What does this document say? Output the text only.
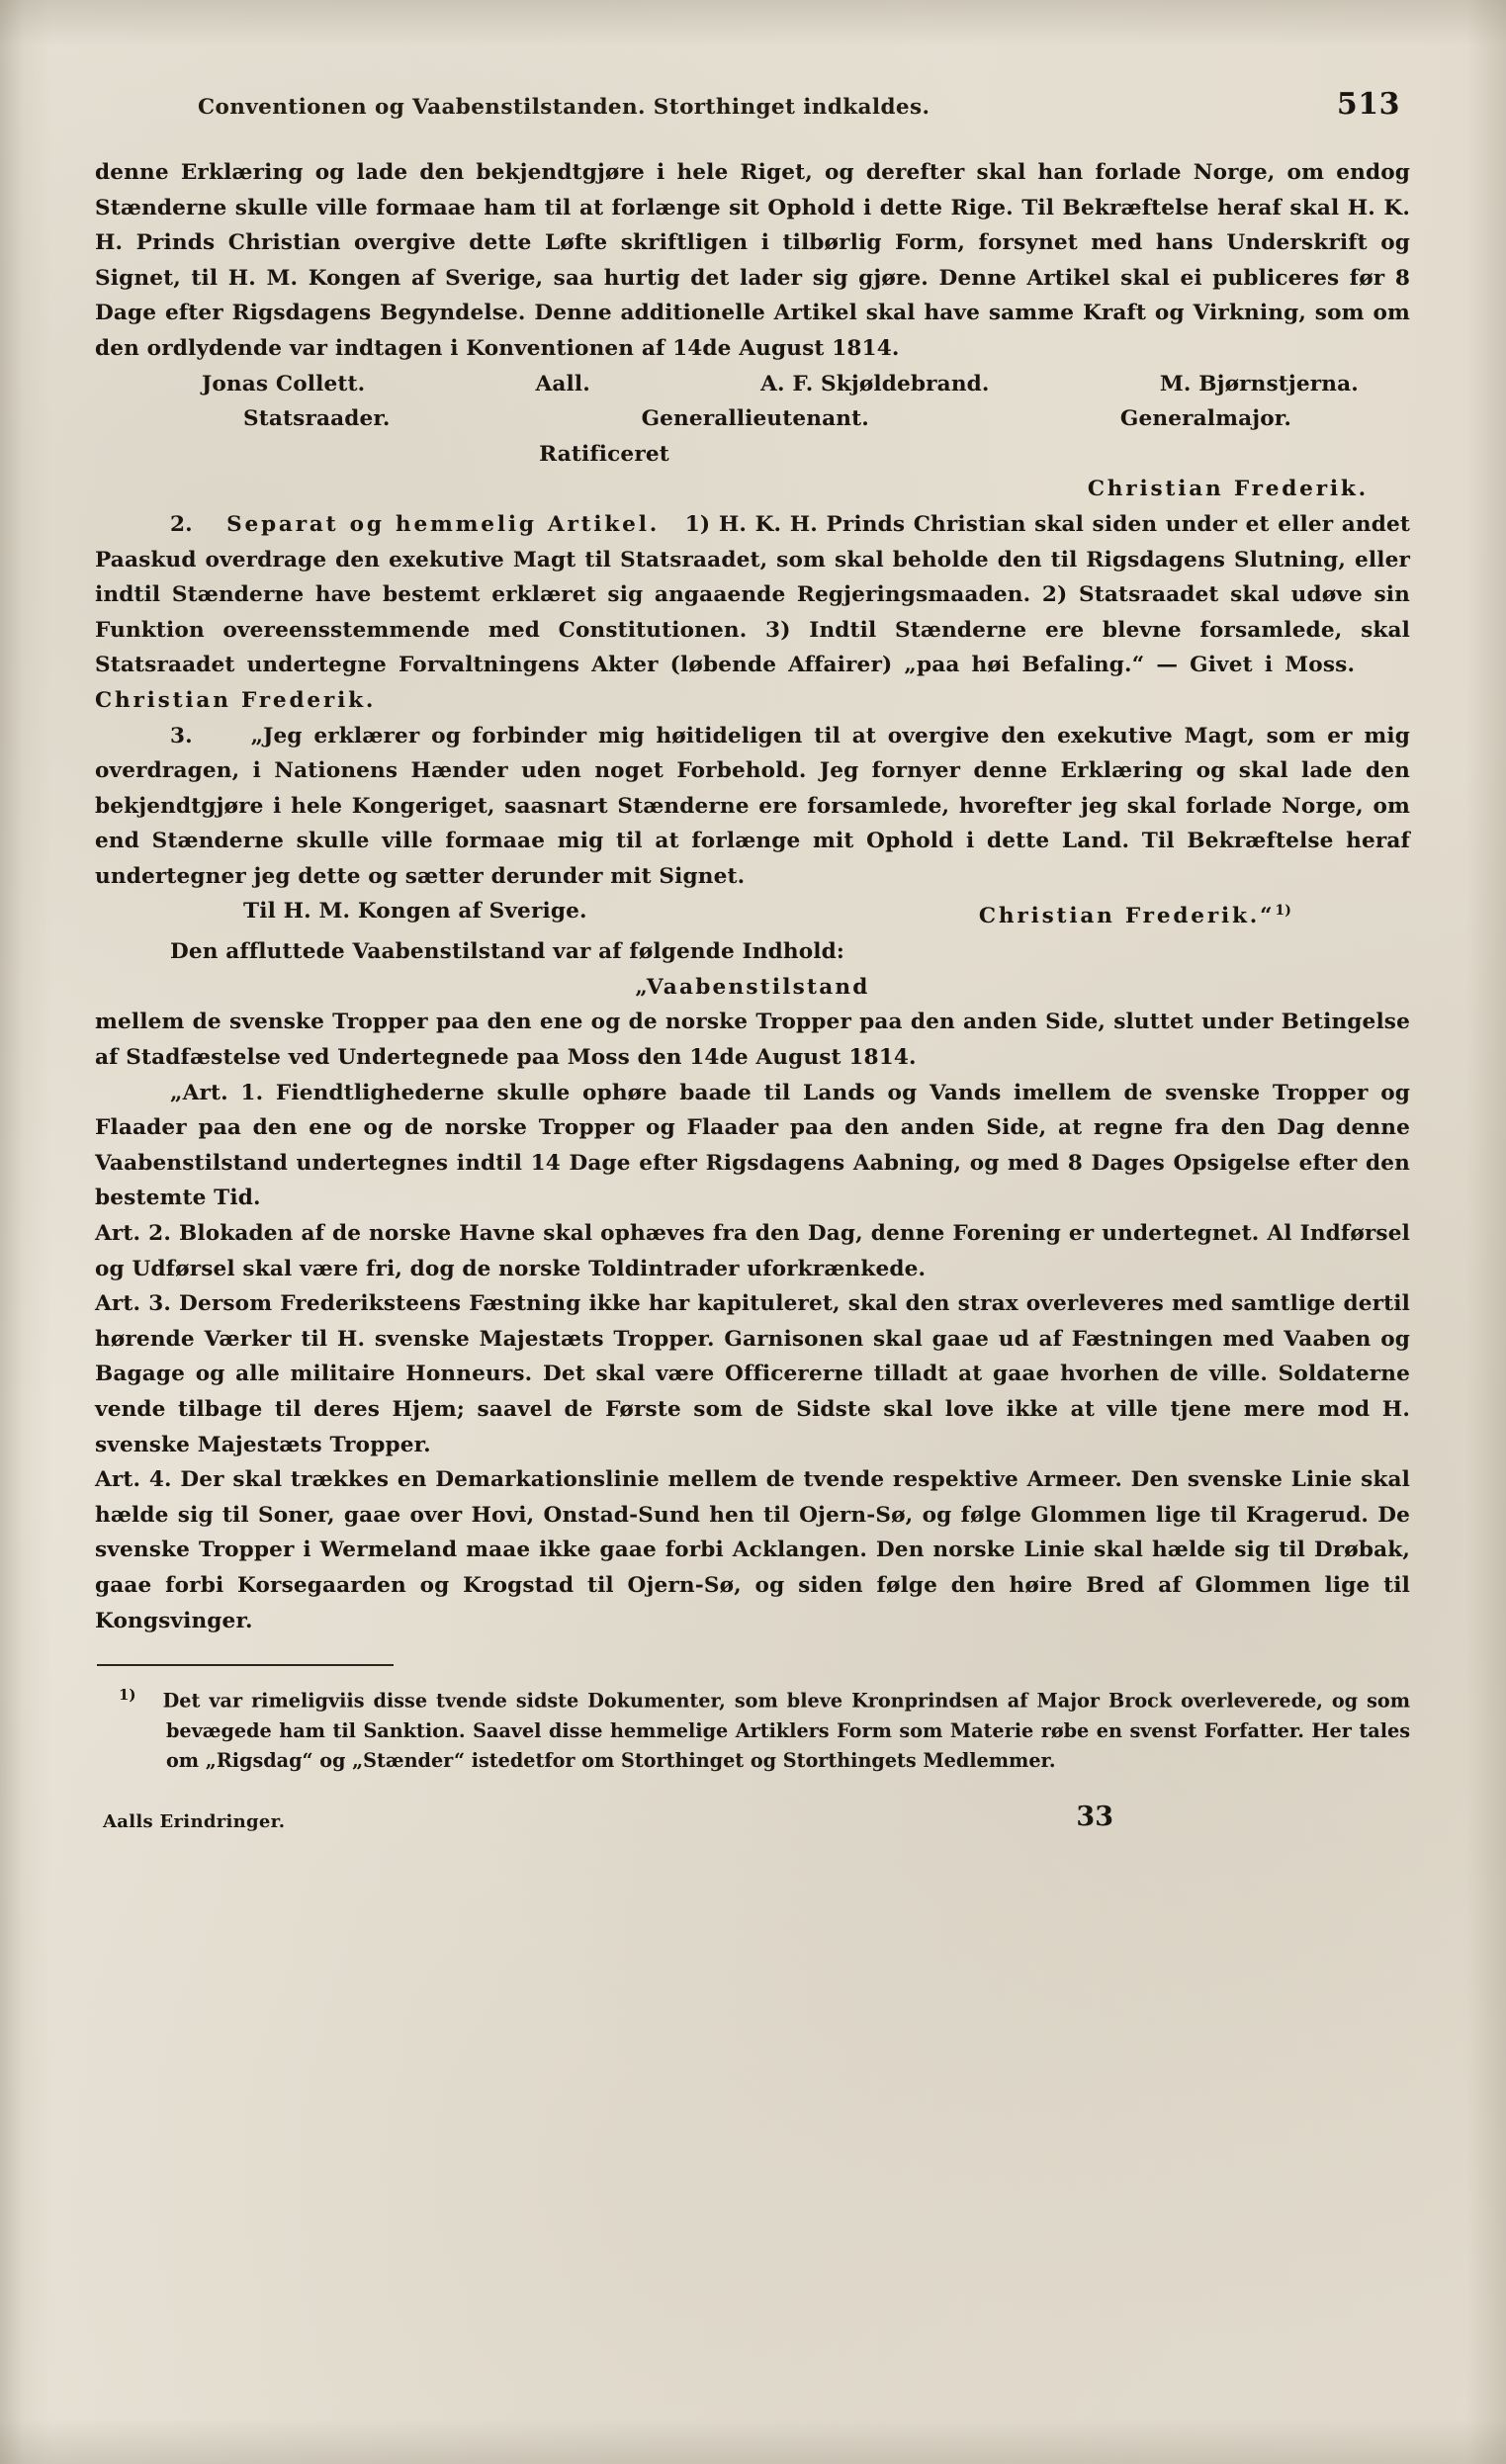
Conventionen og Vaabenstilstanden. Storthinget indkaldes.	513

denne Erklæring og lade den bekjendtgjøre i hele Riget, og derefter skal han forlade Norge, om endog Stænderne skulle ville formaae ham til at forlænge sit Ophold i dette Rige. Til Bekræftelse heraf skal H. K. H. Prinds Christian overgive dette Løfte skriftligen i tilbørlig Form, forsynet med hans Underskrift og Signet, til H. M. Kongen af Sverige, saa hurtig det lader sig gjøre. Denne Artikel skal ei publiceres før 8 Dage efter Rigsdagens Begyndelse. Denne additionelle Artikel skal have samme Kraft og Virkning, som om den ordlydende var indtagen i Konventionen af 14de August 1814.

Jonas Collett.	Aall.	A. F. Skjøldebrand.	M. Bjørnstjerna.
Statsraader.	Generallieutenant.	Generalmajor.
Ratificeret
Christian Frederik.

2. Separat og hemmelig Artikel. 1) H. K. H. Prinds Christian skal siden under et eller andet Paaskud overdrage den exekutive Magt til Statsraadet, som skal beholde den til Rigsdagens Slutning, eller indtil Stænderne have bestemt erklæret sig angaaende Regjeringsmaaden. 2) Statsraadet skal udøve sin Funktion overeensstemmende med Constitutionen. 3) Indtil Stænderne ere blevne forsamlede, skal Statsraadet undertegne Forvaltningens Akter (løbende Affairer) „paa høi Befaling.“ — Givet i Moss.      Christian Frederik.

3.	„Jeg erklærer og forbinder mig høitideligen til at overgive den exekutive Magt, som er mig overdragen, i Nationens Hænder uden noget Forbehold. Jeg fornyer denne Erklæring og skal lade den bekjendtgjøre i hele Kongeriget, saasnart Stænderne ere forsamlede, hvorefter jeg skal forlade Norge, om end Stænderne skulle ville formaae mig til at forlænge mit Ophold i dette Land. Til Bekræftelse heraf undertegner jeg dette og sætter derunder mit Signet.

Til H. M. Kongen af Sverige.	Christian Frederik.“$^{1)}$

Den affluttede Vaabenstilstand var af følgende Indhold:

„Vaabenstilstand

mellem de svenske Tropper paa den ene og de norske Tropper paa den anden Side, sluttet under Betingelse af Stadfæstelse ved Undertegnede paa Moss den 14de August 1814.

„Art. 1. Fiendtlighederne skulle ophøre baade til Lands og Vands imellem de svenske Tropper og Flaader paa den ene og de norske Tropper og Flaader paa den anden Side, at regne fra den Dag denne Vaabenstilstand undertegnes indtil 14 Dage efter Rigsdagens Aabning, og med 8 Dages Opsigelse efter den bestemte Tid.

Art. 2. Blokaden af de norske Havne skal ophæves fra den Dag, denne Forening er undertegnet. Al Indførsel og Udførsel skal være fri, dog de norske Toldintrader uforkrænkede.

Art. 3. Dersom Frederiksteens Fæstning ikke har kapituleret, skal den strax overleveres med samtlige dertil hørende Værker til H. svenske Majestæts Tropper. Garnisonen skal gaae ud af Fæstningen med Vaaben og Bagage og alle militaire Honneurs. Det skal være Officererne tilladt at gaae hvorhen de ville. Soldaterne vende tilbage til deres Hjem; saavel de Første som de Sidste skal love ikke at ville tjene mere mod H. svenske Majestæts Tropper.

Art. 4. Der skal trækkes en Demarkationslinie mellem de tvende respektive Armeer. Den svenske Linie skal hælde sig til Soner, gaae over Hovi, Onstad-Sund hen til Ojern-Sø, og følge Glommen lige til Kragerud. De svenske Tropper i Wermeland maae ikke gaae forbi Acklangen. Den norske Linie skal hælde sig til Drøbak, gaae forbi Korsegaarden og Krogstad til Ojern-Sø, og siden følge den høire Bred af Glommen lige til Kongsvinger.

$^{1)}$ Det var rimeligviis disse tvende sidste Dokumenter, som bleve Kronprindsen af Major Brock overleverede, og som bevægede ham til Sanktion. Saavel disse hemmelige Artiklers Form som Materie røbe en svenst Forfatter. Her tales om „Rigsdag“ og „Stænder“ istedetfor om Storthinget og Storthingets Medlemmer.
Aalls Erindringer.	33
